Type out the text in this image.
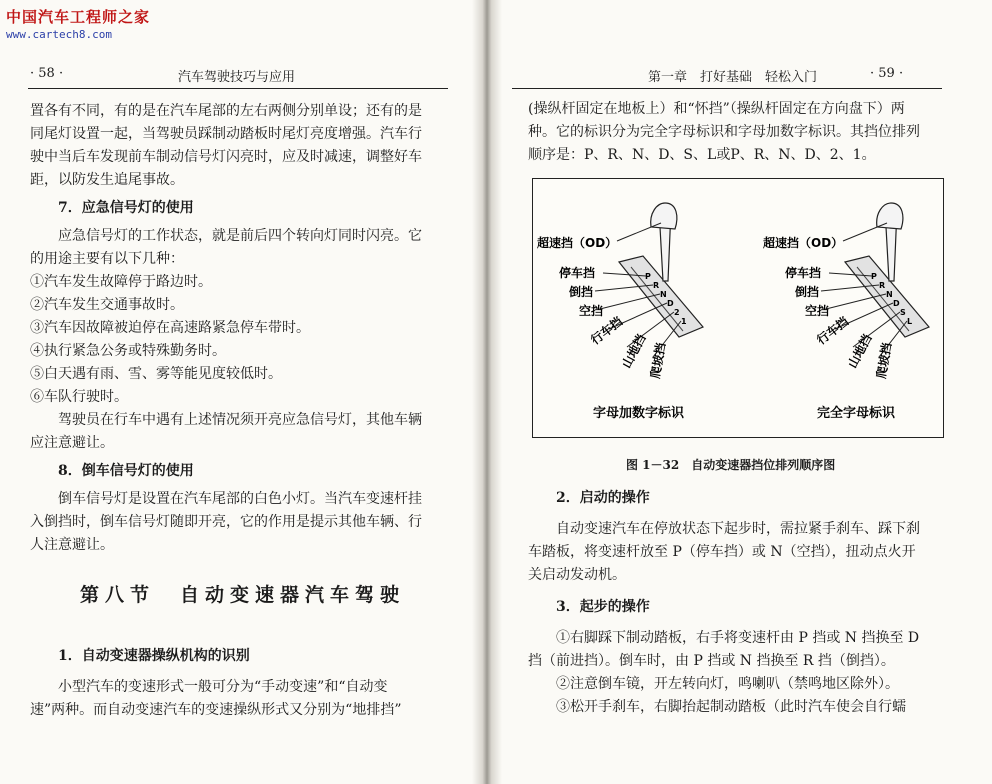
中国汽车工程师之家
www.cartech8.com
· 58 ·	汽车驾驶技巧与应用

置各有不同，有的是在汽车尾部的左右两侧分别单设；还有的是

同尾灯设置一起，当驾驶员踩制动踏板时尾灯亮度增强。汽车行

驶中当后车发现前车制动信号灯闪亮时，应及时减速，调整好车

距，以防发生追尾事故。

7．应急信号灯的使用

应急信号灯的工作状态，就是前后四个转向灯同时闪亮。它

的用途主要有以下几种：

①汽车发生故障停于路边时。

②汽车发生交通事故时。

③汽车因故障被迫停在高速路紧急停车带时。

④执行紧急公务或特殊勤务时。

⑤白天遇有雨、雪、雾等能见度较低时。

⑥车队行驶时。

驾驶员在行车中遇有上述情况须开亮应急信号灯，其他车辆

应注意避让。

8．倒车信号灯的使用

倒车信号灯是设置在汽车尾部的白色小灯。当汽车变速杆挂

入倒挡时，倒车信号灯随即开亮，它的作用是提示其他车辆、行

人注意避让。

第八节　自动变速器汽车驾驶

1．自动变速器操纵机构的识别

小型汽车的变速形式一般可分为“手动变速”和“自动变

速”两种。而自动变速汽车的变速操纵形式又分别为“地排挡”

第一章　打好基础　轻松入门	· 59 ·

(操纵杆固定在地板上）和“怀挡”（操纵杆固定在方向盘下）两

种。它的标识分为完全字母标识和字母加数字标识。其挡位排列

顺序是：P、R、N、D、S、L或P、R、N、D、2、1。

P
R
N
D
2
1
超速挡（OD）
停车挡
倒挡
空挡
行车挡
山地挡 爬坡挡
字母加数字标识
P
R
N
D
S
L
超速挡（OD）
停车挡
倒挡
空挡
行车挡
山地挡 爬坡挡
完全字母标识
图 1－32　自动变速器挡位排列顺序图

2．启动的操作

自动变速汽车在停放状态下起步时，需拉紧手刹车、踩下刹

车踏板，将变速杆放至 P（停车挡）或 N（空挡），扭动点火开

关启动发动机。

3．起步的操作

①右脚踩下制动踏板，右手将变速杆由 P 挡或 N 挡换至 D

挡（前进挡）。倒车时，由 P 挡或 N 挡换至 R 挡（倒挡）。

②注意倒车镜，开左转向灯，鸣喇叭（禁鸣地区除外）。

③松开手刹车，右脚抬起制动踏板（此时汽车使会自行蠕
